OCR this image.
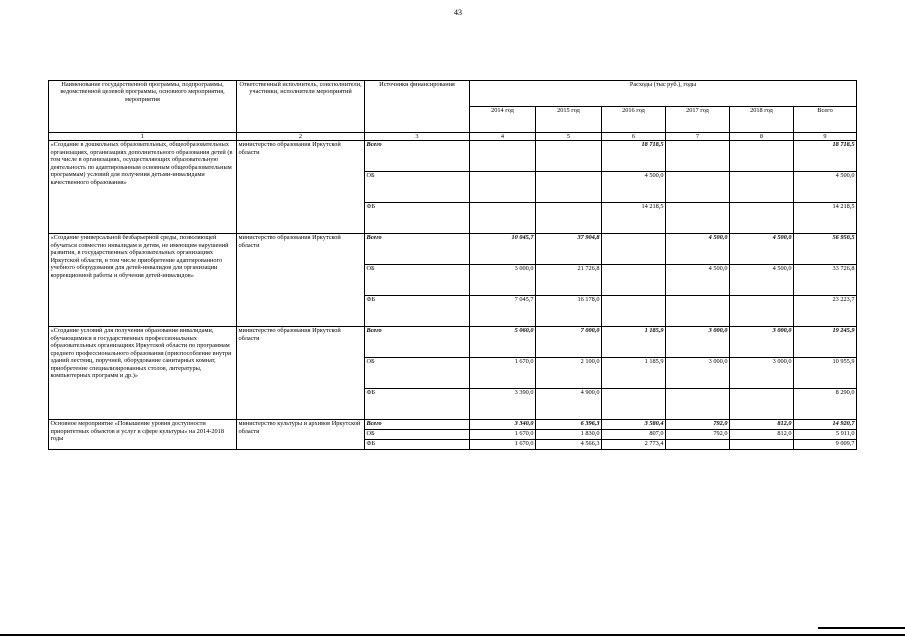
43
Наименование государственной программы, подпрограммы, ведомственной целевой программы, основного мероприятия, мероприятия	Ответственный исполнитель, соисполнители, участники, исполнители мероприятий	Источники финансирования	Расходы (тыс руб.), годы					
			2014 год	2015 год	2016 год	2017 год	2018 год	Всего
1	2	3	4	5	6	7	8	9
«Создание в дошкольных образовательных, общеобразовательных организациях, организациях дополнительного образования детей (в том числе в организациях, осуществляющих образовательную деятельность по адаптированным основным общеобразовательным программам) условий для получения детьми-инвалидами качественного образования»	министерство образования Иркутской области	Всего			18 718,5			18 718,5
		ОБ			4 500,0			4 500,0
		ФБ			14 218,5			14 218,5
«Создание универсальной безбарьерной среды, позволяющей обучаться совместно инвалидам и детям, не имеющим нарушений развития, в государственных образовательных организациях Иркутской области, в том числе приобретение адаптированного учебного оборудования для детей-инвалидов для организации коррекционной работы и обучения детей-инвалидов»	министерство образования Иркутской области	Всего	10 045,7	37 904,8		4 500,0	4 500,0	56 950,5
		ОБ	3 000,0	21 726,8		4 500,0	4 500,0	33 726,8
		ФБ	7 045,7	16 178,0				23 223,7
«Создание условий для получения образования инвалидами, обучающимися в государственных профессиональных образовательных организациях Иркутской области по программам среднего профессионального образования (приспособление внутри зданий лестниц, поручней, оборудование санитарных комнат, приобретение специализированных столов, литературы, компьютерных программ и др.)»	министерство образования Иркутской области	Всего	5 060,0	7 000,0	1 185,9	3 000,0	3 000,0	19 245,9
		ОБ	1 670,0	2 100,0	1 185,9	3 000,0	3 000,0	10 955,9
		ФБ	3 390,0	4 900,0				8 290,0
Основное мероприятие «Повышение уровня доступности приоритетных объектов и услуг в сфере культуры» на 2014-2018 годы	министерство культуры и архивов Иркутской области	Всего	3 340,0	6 396,3	3 580,4	792,0	812,0	14 920,7
		ОБ	1 670,0	1 830,0	807,0	792,0	812,0	5 911,0
		ФБ	1 670,0	4 566,3	2 773,4			9 009,7
